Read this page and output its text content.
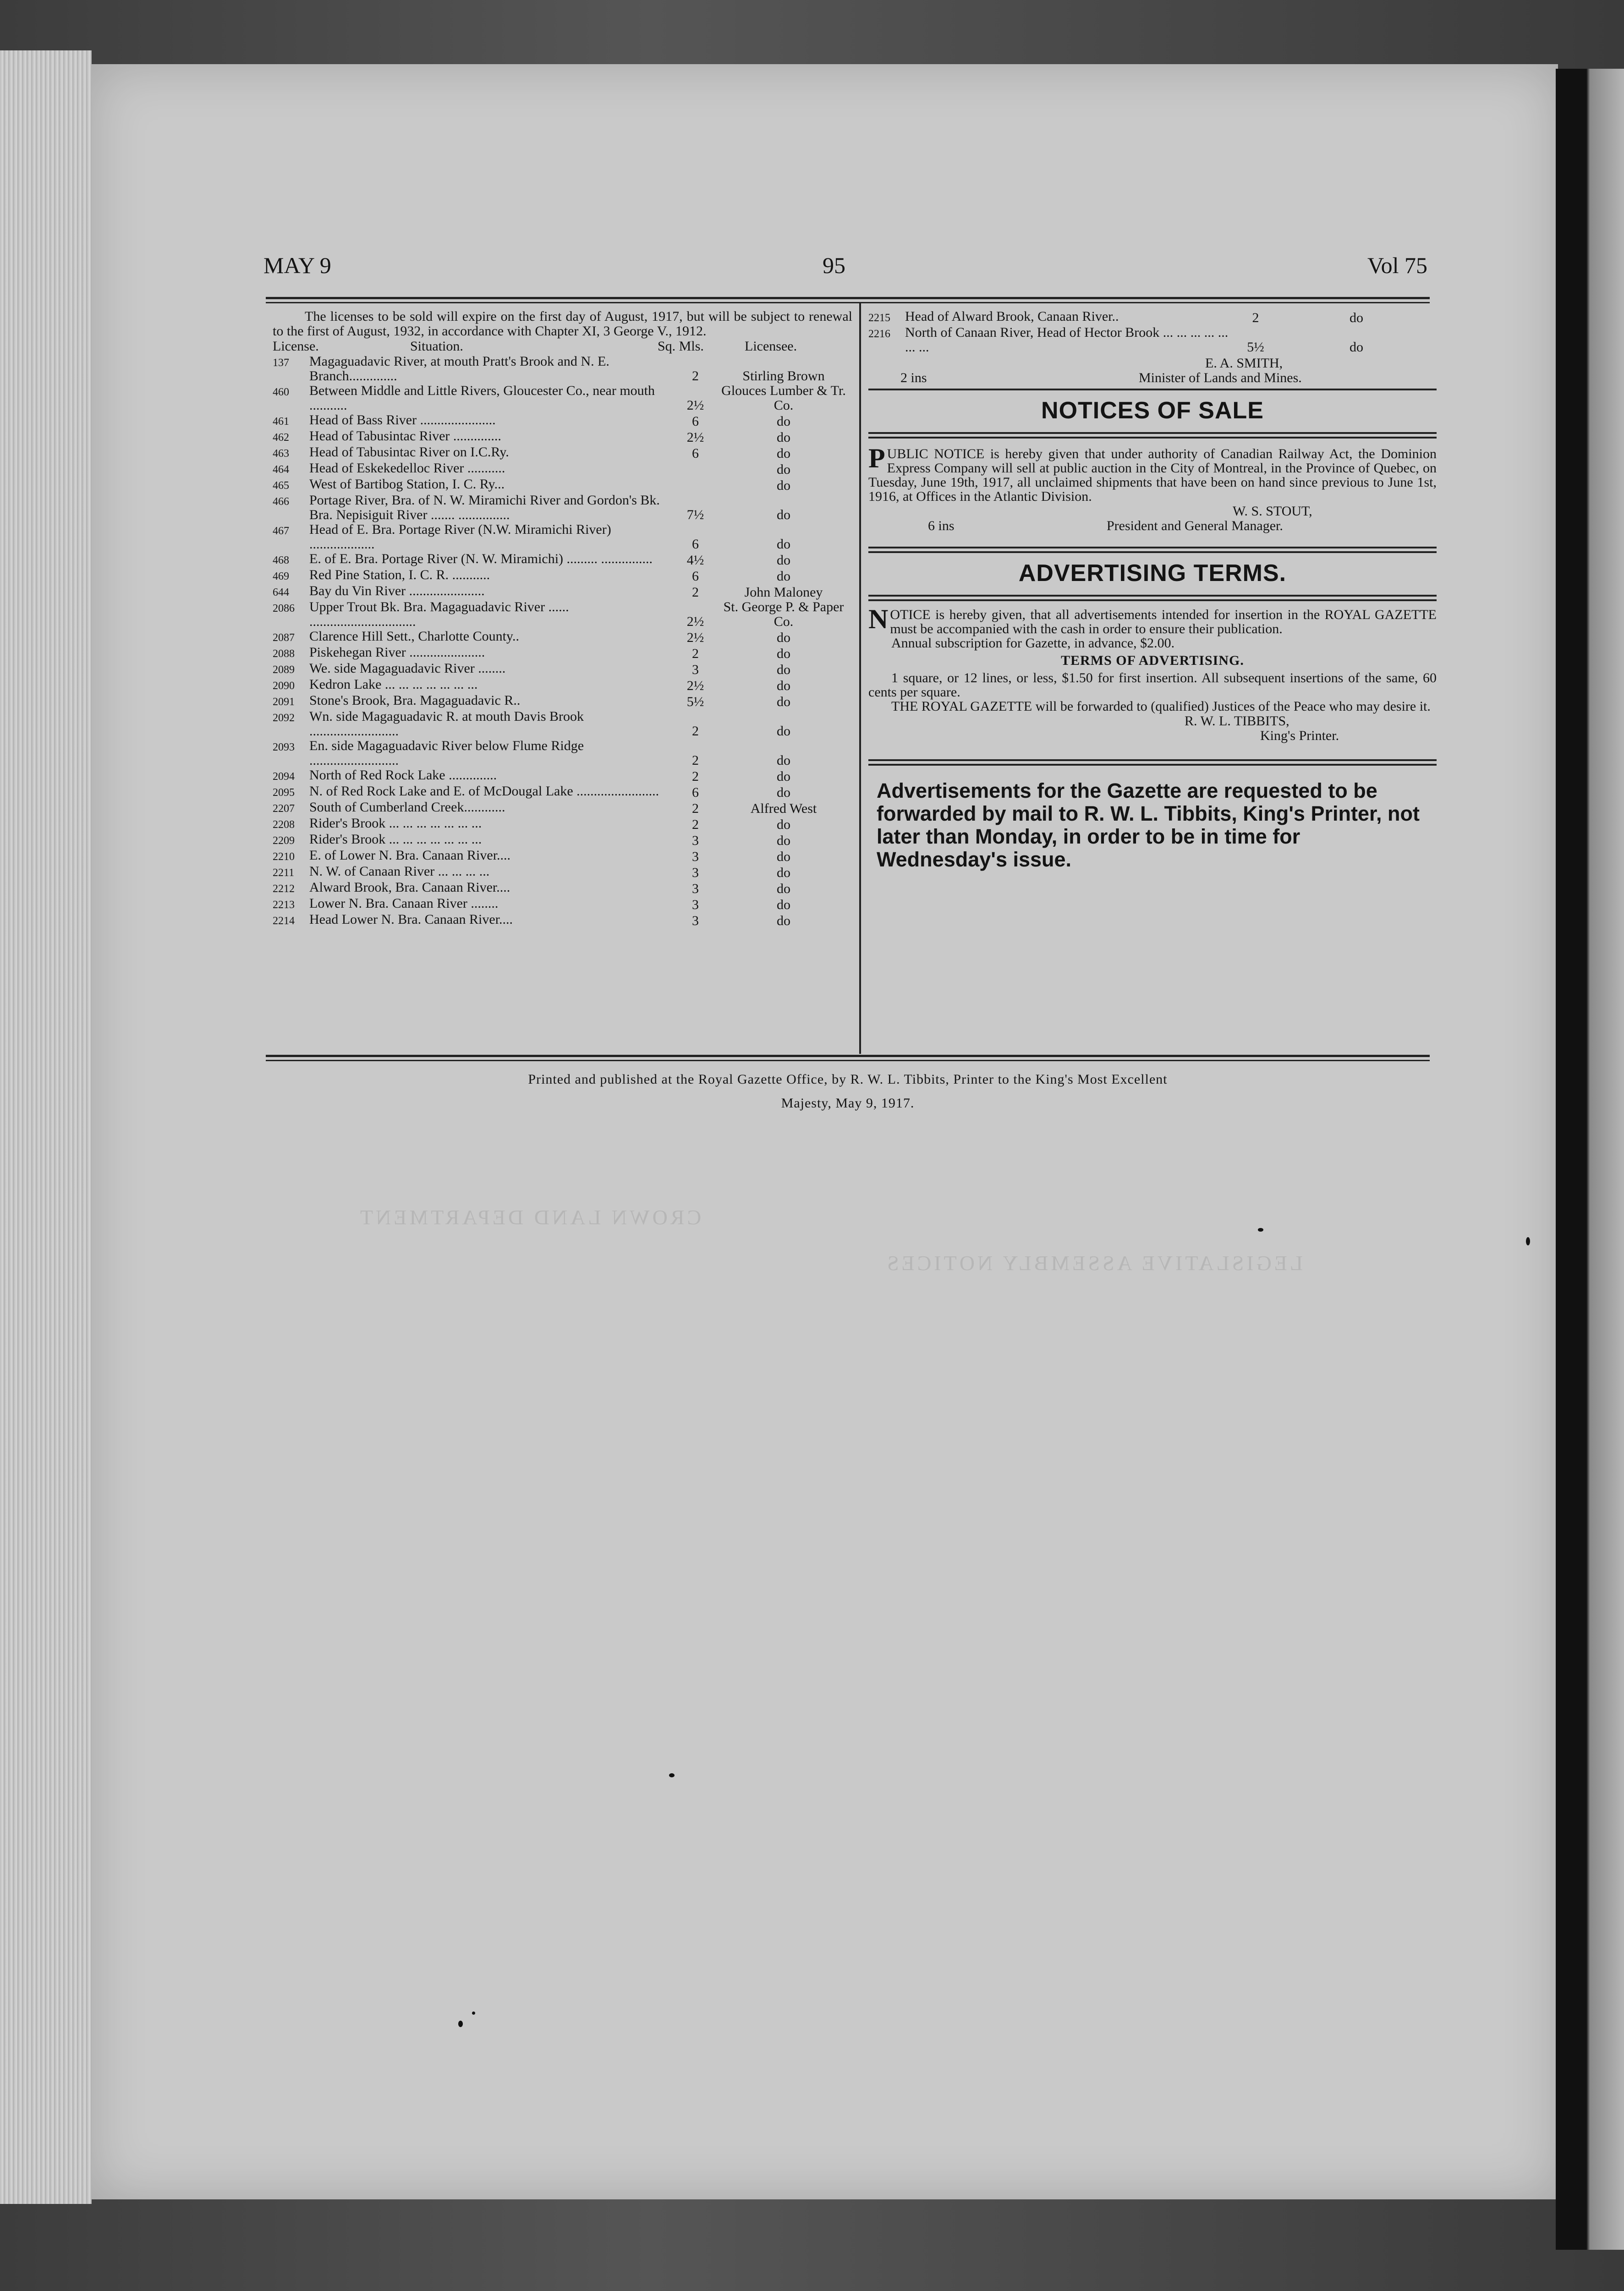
MAY 9	95	Vol 75

The licenses to be sold will expire on the first day of August, 1917, but will be subject to renewal to the first of August, 1932, in accordance with Chapter XI, 3 George V., 1912.

License.	Situation.	Sq. Mls.	Licensee.
137	Magaguadavic River, at mouth Pratt's Brook and N. E. Branch..............	2	Stirling Brown
460	Between Middle and Little Rivers, Gloucester Co., near mouth ...........	2½	Glouces Lumber & Tr. Co.
461	Head of Bass River ......................	6	do
462	Head of Tabusintac River ..............	2½	do
463	Head of Tabusintac River on I.C.Ry.	6	do
464	Head of Eskekedelloc River ...........		do
465	West of Bartibog Station, I. C. Ry...		do
466	Portage River, Bra. of N. W. Miramichi River and Gordon's Bk. Bra. Nepisiguit River ....... ...............	7½	do
467	Head of E. Bra. Portage River (N.W. Miramichi River) ...................	6	do
468	E. of E. Bra. Portage River (N. W. Miramichi) ......... ...............	4½	do
469	Red Pine Station, I. C. R. ...........	6	do
644	Bay du Vin River ......................	2	John Maloney
2086	Upper Trout Bk. Bra. Magaguadavic River ...... ...............................	2½	St. George P. & Paper Co.
2087	Clarence Hill Sett., Charlotte County..	2½	do
2088	Piskehegan River ......................	2	do
2089	We. side Magaguadavic River ........	3	do
2090	Kedron Lake ... ... ... ... ... ... ...	2½	do
2091	Stone's Brook, Bra. Magaguadavic R..	5½	do
2092	Wn. side Magaguadavic R. at mouth Davis Brook ..........................	2	do
2093	En. side Magaguadavic River below Flume Ridge ..........................	2	do
2094	North of Red Rock Lake ..............	2	do
2095	N. of Red Rock Lake and E. of McDougal Lake ........................	6	do
2207	South of Cumberland Creek............	2	Alfred West
2208	Rider's Brook ... ... ... ... ... ... ...	2	do
2209	Rider's Brook ... ... ... ... ... ... ...	3	do
2210	E. of Lower N. Bra. Canaan River....	3	do
2211	N. W. of Canaan River ... ... ... ...	3	do
2212	Alward Brook, Bra. Canaan River....	3	do
2213	Lower N. Bra. Canaan River ........	3	do
2214	Head Lower N. Bra. Canaan River....	3	do
2215	Head of Alward Brook, Canaan River..	2	do
2216	North of Canaan River, Head of Hector Brook ... ... ... ... ... ... ...	5½	do
E. A. SMITH,
2 ins	Minister of Lands and Mines.
NOTICES OF SALE

PUBLIC NOTICE is hereby given that under authority of Canadian Railway Act, the Dominion Express Company will sell at public auction in the City of Montreal, in the Province of Quebec, on Tuesday, June 19th, 1917, all unclaimed shipments that have been on hand since previous to June 1st, 1916, at Offices in the Atlantic Division.

W. S. STOUT,
6 ins	President and General Manager.
ADVERTISING TERMS.

NOTICE is hereby given, that all advertisements intended for insertion in the ROYAL GAZETTE must be accompanied with the cash in order to ensure their publication.

Annual subscription for Gazette, in advance, $2.00.

TERMS OF ADVERTISING.

1 square, or 12 lines, or less, $1.50 for first insertion. All subsequent insertions of the same, 60 cents per square.

THE ROYAL GAZETTE will be forwarded to (qualified) Justices of the Peace who may desire it.

R. W. L. TIBBITS,
King's Printer.
Advertisements for the Gazette are requested to be forwarded by mail to R. W. L. Tibbits, King's Printer, not later than Monday, in order to be in time for Wednesday's issue.
Printed and published at the Royal Gazette Office, by R. W. L. Tibbits, Printer to the King's Most Excellent
Majesty, May 9, 1917.
CROWN LAND DEPARTMENT
LEGISLATIVE ASSEMBLY NOTICES
